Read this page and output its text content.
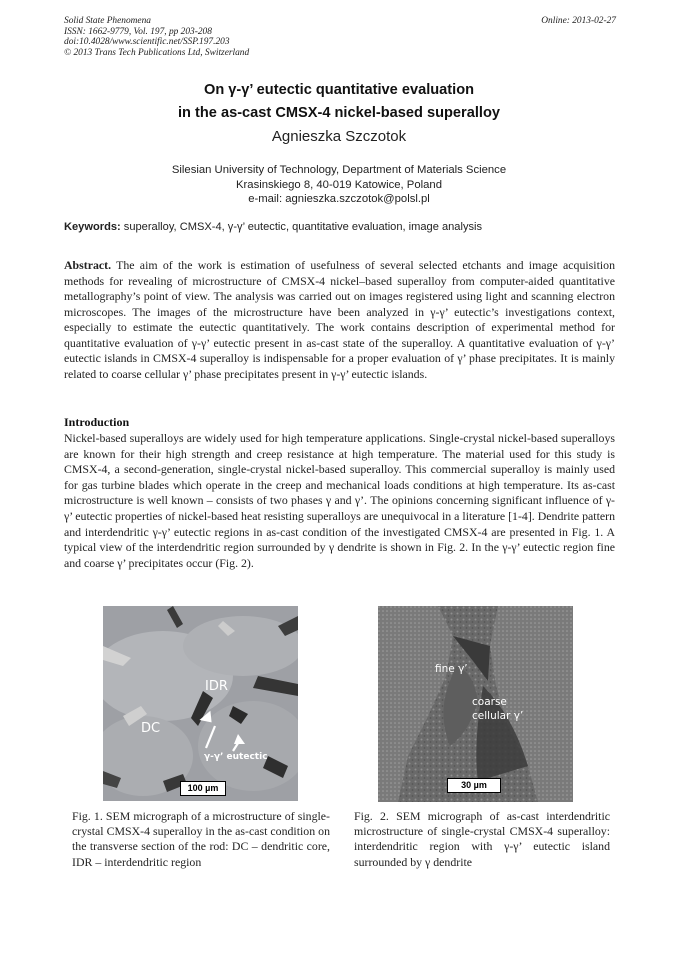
Solid State Phenomena
ISSN: 1662-9779, Vol. 197, pp 203-208
doi:10.4028/www.scientific.net/SSP.197.203
© 2013 Trans Tech Publications Ltd, Switzerland
Online: 2013-02-27
On γ-γ’ eutectic quantitative evaluation
in the as-cast CMSX-4 nickel-based superalloy
Agnieszka Szczotok
Silesian University of Technology, Department of Materials Science
Krasinskiego 8, 40-019 Katowice, Poland
e-mail: agnieszka.szczotok@polsl.pl
Keywords: superalloy, CMSX-4, γ-γ’ eutectic, quantitative evaluation, image analysis
Abstract. The aim of the work is estimation of usefulness of several selected etchants and image acquisition methods for revealing of microstructure of CMSX-4 nickel–based superalloy from computer-aided quantitative metallography’s point of view. The analysis was carried out on images registered using light and scanning electron microscopes. The images of the microstructure have been analyzed in γ-γ’ eutectic’s investigations context, especially to estimate the eutectic quantitatively. The work contains description of experimental method for quantitative evaluation of γ-γ’ eutectic present in as-cast state of the superalloy. A quantitative evaluation of γ-γ’ eutectic islands in CMSX-4 superalloy is indispensable for a proper evaluation of γ’ phase precipitates. It is mainly related to coarse cellular γ’ phase precipitates present in γ-γ’ eutectic islands.
Introduction
Nickel-based superalloys are widely used for high temperature applications. Single-crystal nickel-based superalloys are known for their high strength and creep resistance at high temperature. The material used for this study is CMSX-4, a second-generation, single-crystal nickel-based superalloy. This commercial superalloy is mainly used for gas turbine blades which operate in the creep and mechanical loads conditions at high temperature. Its as-cast microstructure is well known – consists of two phases γ and γ’. The opinions concerning significant influence of γ-γ’ eutectic properties of nickel-based heat resisting superalloys are unequivocal in a literature [1-4]. Dendrite pattern and interdendritic γ-γ’ eutectic regions in as-cast condition of the investigated CMSX-4 are presented in Fig. 1. A typical view of the interdendritic region surrounded by γ dendrite is shown in Fig. 2. In the γ-γ’ eutectic region fine and coarse γ’ precipitates occur (Fig. 2).
IDR
DC
γ-γ’ eutectic
100 µm
fine γ’
coarse
cellular γ’
30 µm
Fig. 1. SEM micrograph of a microstructure of single-crystal CMSX-4 superalloy in the as-cast condition on the transverse section of the rod: DC – dendritic core, IDR – interdendritic region
Fig. 2. SEM micrograph of as-cast interdendritic microstructure of single-crystal CMSX-4 superalloy: interdendritic region with γ-γ’ eutectic island surrounded by γ dendrite
